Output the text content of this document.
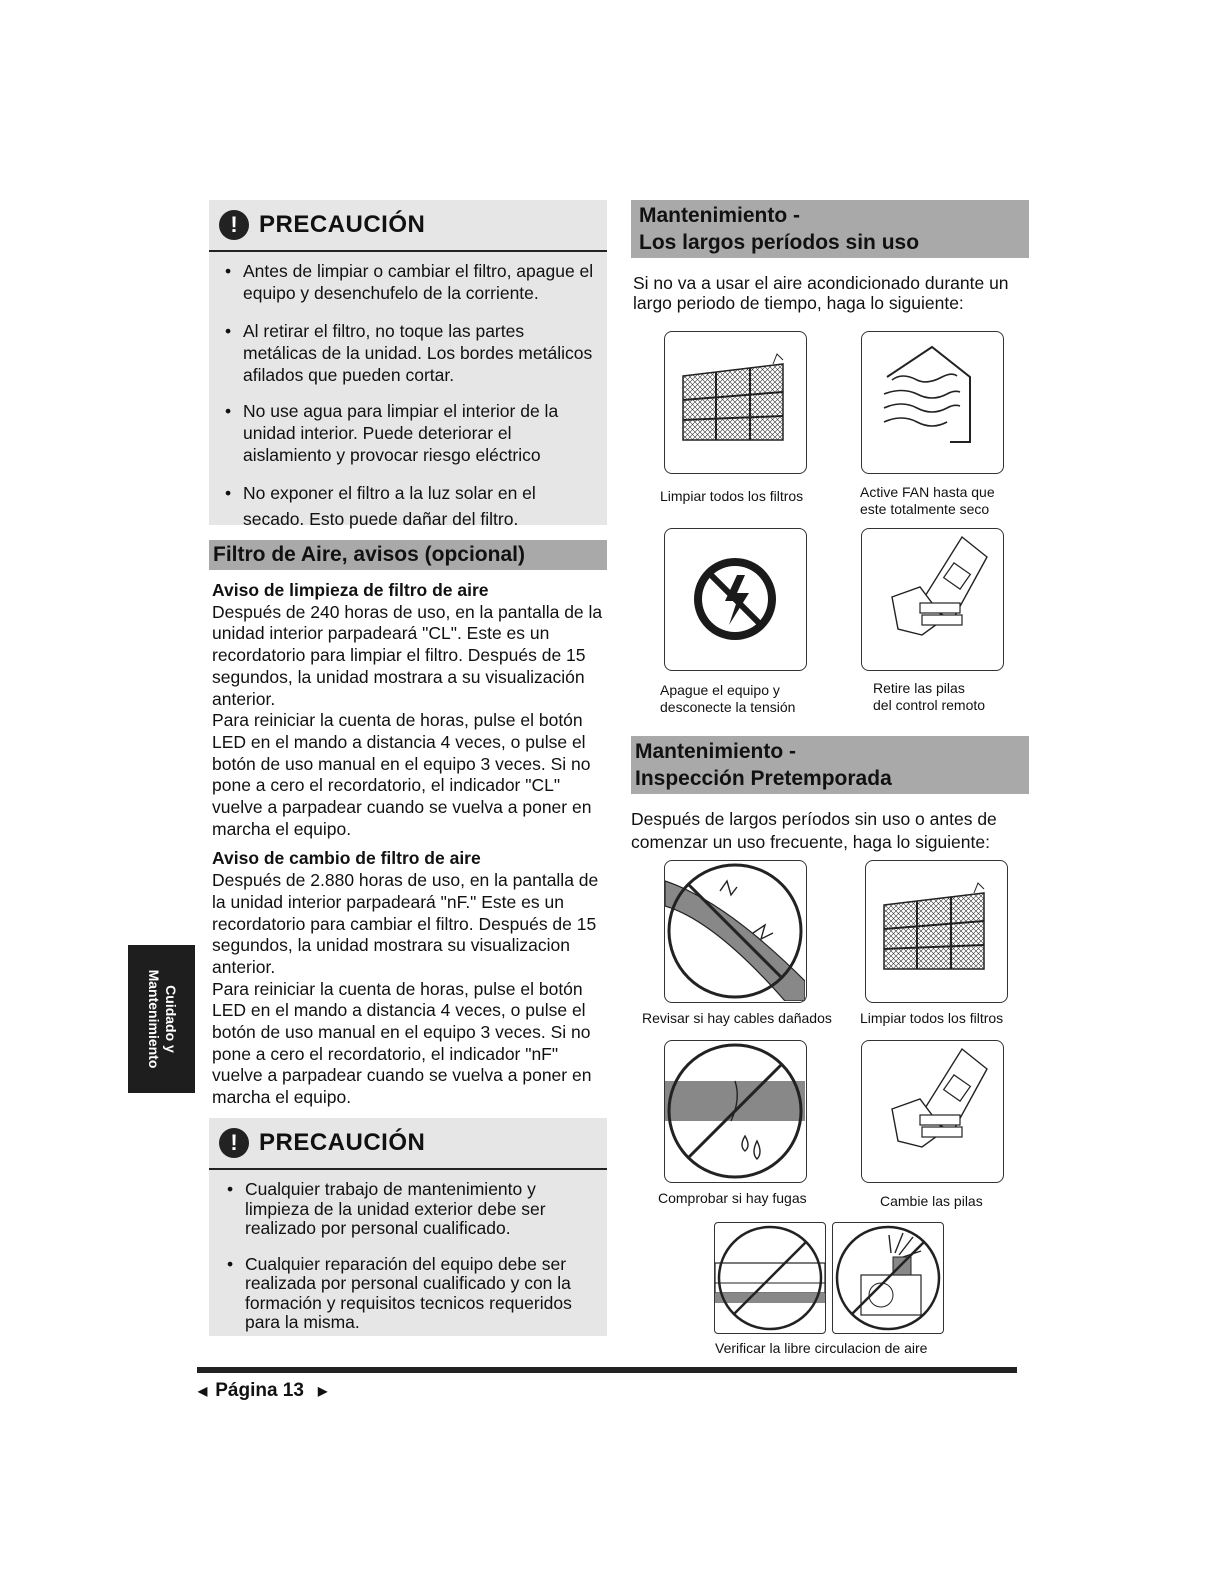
! PRECAUCIÓN
• Antes de limpiar o cambiar el filtro, apague el equipo y desenchufelo de la corriente.
• Al retirar el filtro, no toque las partes metálicas de la unidad. Los bordes metálicos afilados que pueden cortar.
• No use agua para limpiar el interior de la unidad interior. Puede deteriorar el aislamiento y provocar riesgo eléctrico
• No exponer el filtro a la luz solar en el secado. Esto puede dañar del filtro.
Filtro de Aire, avisos (opcional)
Aviso de limpieza de filtro de aire
Después de 240 horas de uso, en la pantalla de la unidad interior parpadeará "CL". Este es un recordatorio para limpiar el filtro. Después de 15 segundos, la unidad mostrara a su visualización anterior.
Para reiniciar la cuenta de horas, pulse el botón LED en el mando a distancia 4 veces, o pulse el botón de uso manual en el equipo 3 veces. Si no pone a cero el recordatorio, el indicador "CL" vuelve a parpadear cuando se vuelva a poner en marcha el equipo.
Aviso de cambio de filtro de aire
Después de 2.880 horas de uso, en la pantalla de la unidad interior parpadeará "nF." Este es un recordatorio para cambiar el filtro. Después de 15 segundos, la unidad mostrara su visualizacion anterior.
Para reiniciar la cuenta de horas, pulse el botón LED en el mando a distancia 4 veces, o pulse el botón de uso manual en el equipo 3 veces. Si no pone a cero el recordatorio, el indicador "nF" vuelve a parpadear cuando se vuelva a poner en marcha el equipo.
! PRECAUCIÓN
• Cualquier trabajo de mantenimiento y limpieza de la unidad exterior debe ser realizado por personal cualificado.
• Cualquier reparación del equipo debe ser realizada por personal cualificado y con la formación y requisitos tecnicos requeridos para la misma.
Cuidado y
Mantenimiento
Mantenimiento -
Los largos períodos sin uso
Si no va a usar el aire acondicionado durante un largo periodo de tiempo, haga lo siguiente:
Limpiar todos los filtros	Active FAN hasta que
este totalmente seco
Apague el equipo y
desconecte la tensión
Retire las pilas
del control remoto
Mantenimiento -
Inspección Pretemporada
Después de largos períodos sin uso o antes de comenzar un uso frecuente, haga lo siguiente:
Revisar si hay cables dañados	Limpiar todos los filtros
Comprobar si hay fugas	Cambie las pilas
Verificar la libre circulacion de aire
◀ Página 13 ▶
